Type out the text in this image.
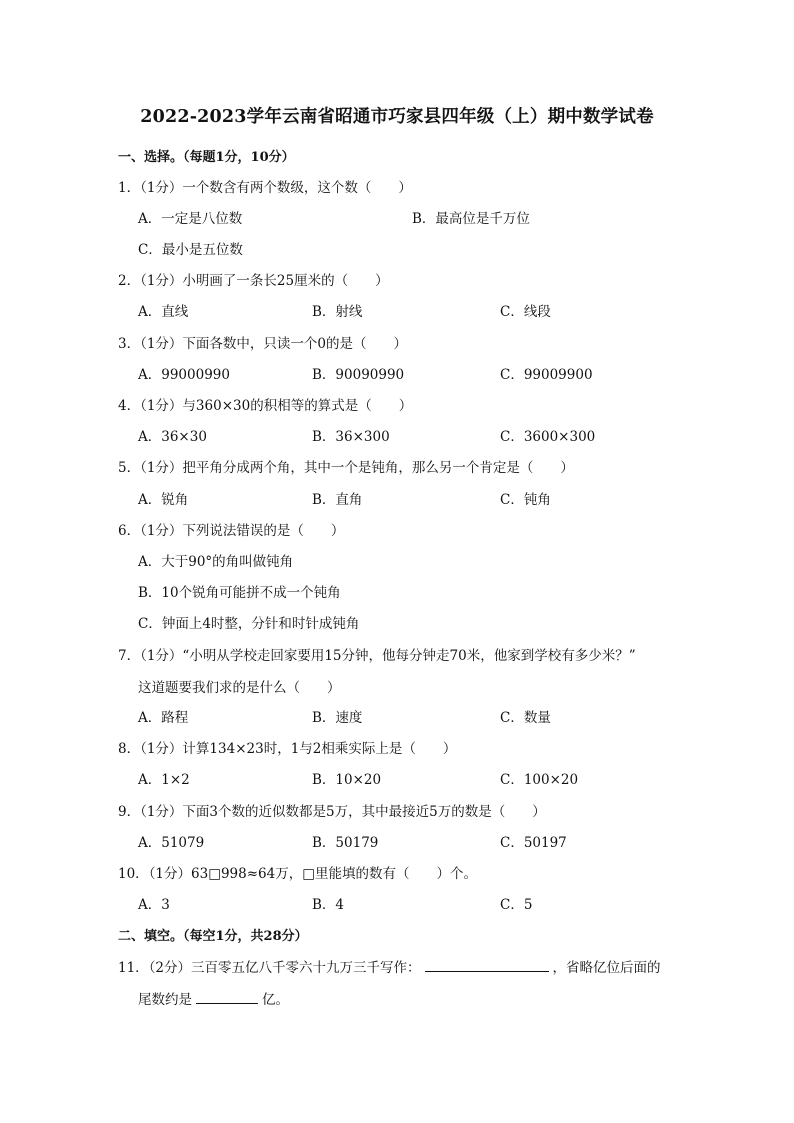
2022-2023学年云南省昭通市巧家县四年级（上）期中数学试卷
一、选择。（每题1分，10分）
1．（1分）一个数含有两个数级，这个数（　　）
A．一定是八位数	B．最高位是千万位
C．最小是五位数
2．（1分）小明画了一条长25厘米的（　　）
A．直线	B．射线	C．线段
3．（1分）下面各数中，只读一个0的是（　　）
A．99000990	B．90090990	C．99009900
4．（1分）与360×30的积相等的算式是（　　）
A．36×30	B．36×300	C．3600×300
5．（1分）把平角分成两个角，其中一个是钝角，那么另一个肯定是（　　）
A．锐角	B．直角	C．钝角
6．（1分）下列说法错误的是（　　）
A．大于90°的角叫做钝角
B．10个锐角可能拼不成一个钝角
C．钟面上4时整，分针和时针成钝角
7．（1分）“小明从学校走回家要用15分钟，他每分钟走70米，他家到学校有多少米？”
这道题要我们求的是什么（　　）
A．路程	B．速度	C．数量
8．（1分）计算134×23时，1与2相乘实际上是（　　）
A．1×2	B．10×20	C．100×20
9．（1分）下面3个数的近似数都是5万，其中最接近5万的数是（　　）
A．51079	B．50179	C．50197
10．（1分）63□998≈64万，□里能填的数有（　　）个。
A．3	B．4	C．5
二、填空。（每空1分，共28分）
11．（2分）三百零五亿八千零六十九万三千写作：	，省略亿位后面的
尾数约是	亿。
